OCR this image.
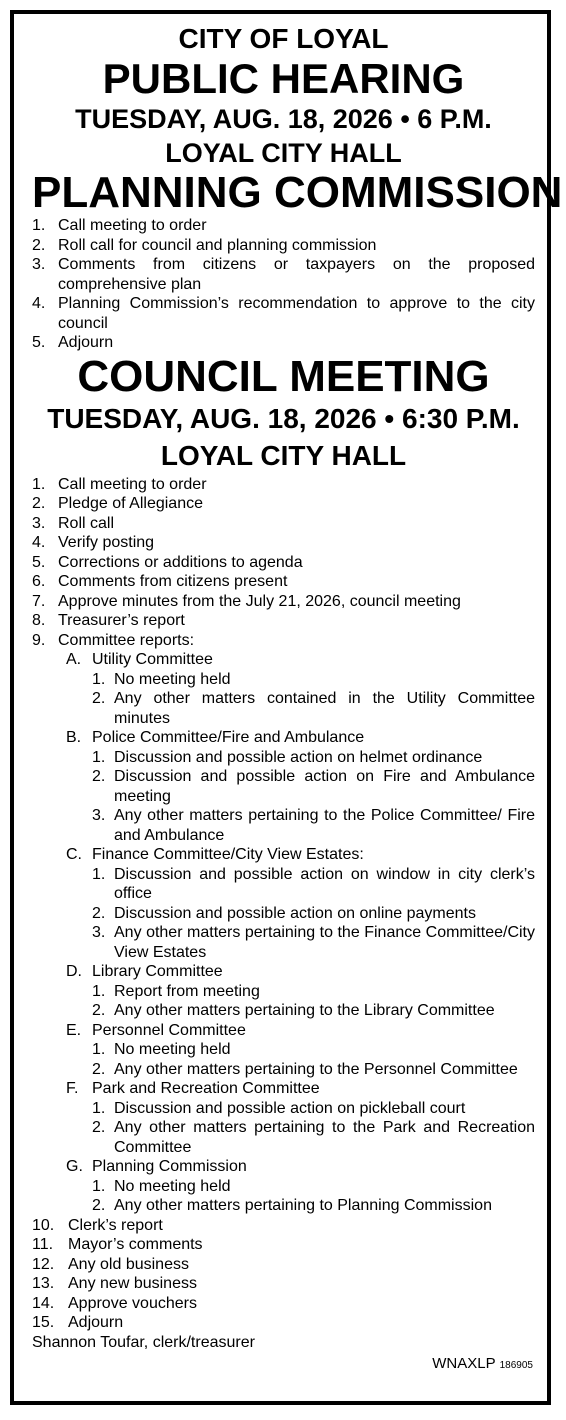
CITY OF LOYAL
PUBLIC HEARING
TUESDAY, AUG. 18, 2026 • 6 P.M.
LOYAL CITY HALL
PLANNING COMMISSION
1. Call meeting to order
2. Roll call for council and planning commission
3. Comments from citizens or taxpayers on the proposed comprehensive plan
4. Planning Commission’s recommendation to approve to the city council
5. Adjourn
COUNCIL MEETING
TUESDAY, AUG. 18, 2026 • 6:30 P.M.
LOYAL CITY HALL
1. Call meeting to order
2. Pledge of Allegiance
3. Roll call
4. Verify posting
5. Corrections or additions to agenda
6. Comments from citizens present
7. Approve minutes from the July 21, 2026, council meeting
8. Treasurer’s report
9. Committee reports:
A. Utility Committee
1. No meeting held
2. Any other matters contained in the Utility Committee minutes
B. Police Committee/Fire and Ambulance
1. Discussion and possible action on helmet ordinance
2. Discussion and possible action on Fire and Ambulance meeting
3. Any other matters pertaining to the Police Committee/ Fire and Ambulance
C. Finance Committee/City View Estates:
1. Discussion and possible action on window in city clerk’s office
2. Discussion and possible action on online payments
3. Any other matters pertaining to the Finance Committee/City View Estates
D. Library Committee
1. Report from meeting
2. Any other matters pertaining to the Library Committee
E. Personnel Committee
1. No meeting held
2. Any other matters pertaining to the Personnel Committee
F. Park and Recreation Committee
1. Discussion and possible action on pickleball court
2. Any other matters pertaining to the Park and Recreation Committee
G. Planning Commission
1. No meeting held
2. Any other matters pertaining to Planning Commission
10. Clerk’s report
11. Mayor’s comments
12. Any old business
13. Any new business
14. Approve vouchers
15. Adjourn
Shannon Toufar, clerk/treasurer
WNAXLP 186905
